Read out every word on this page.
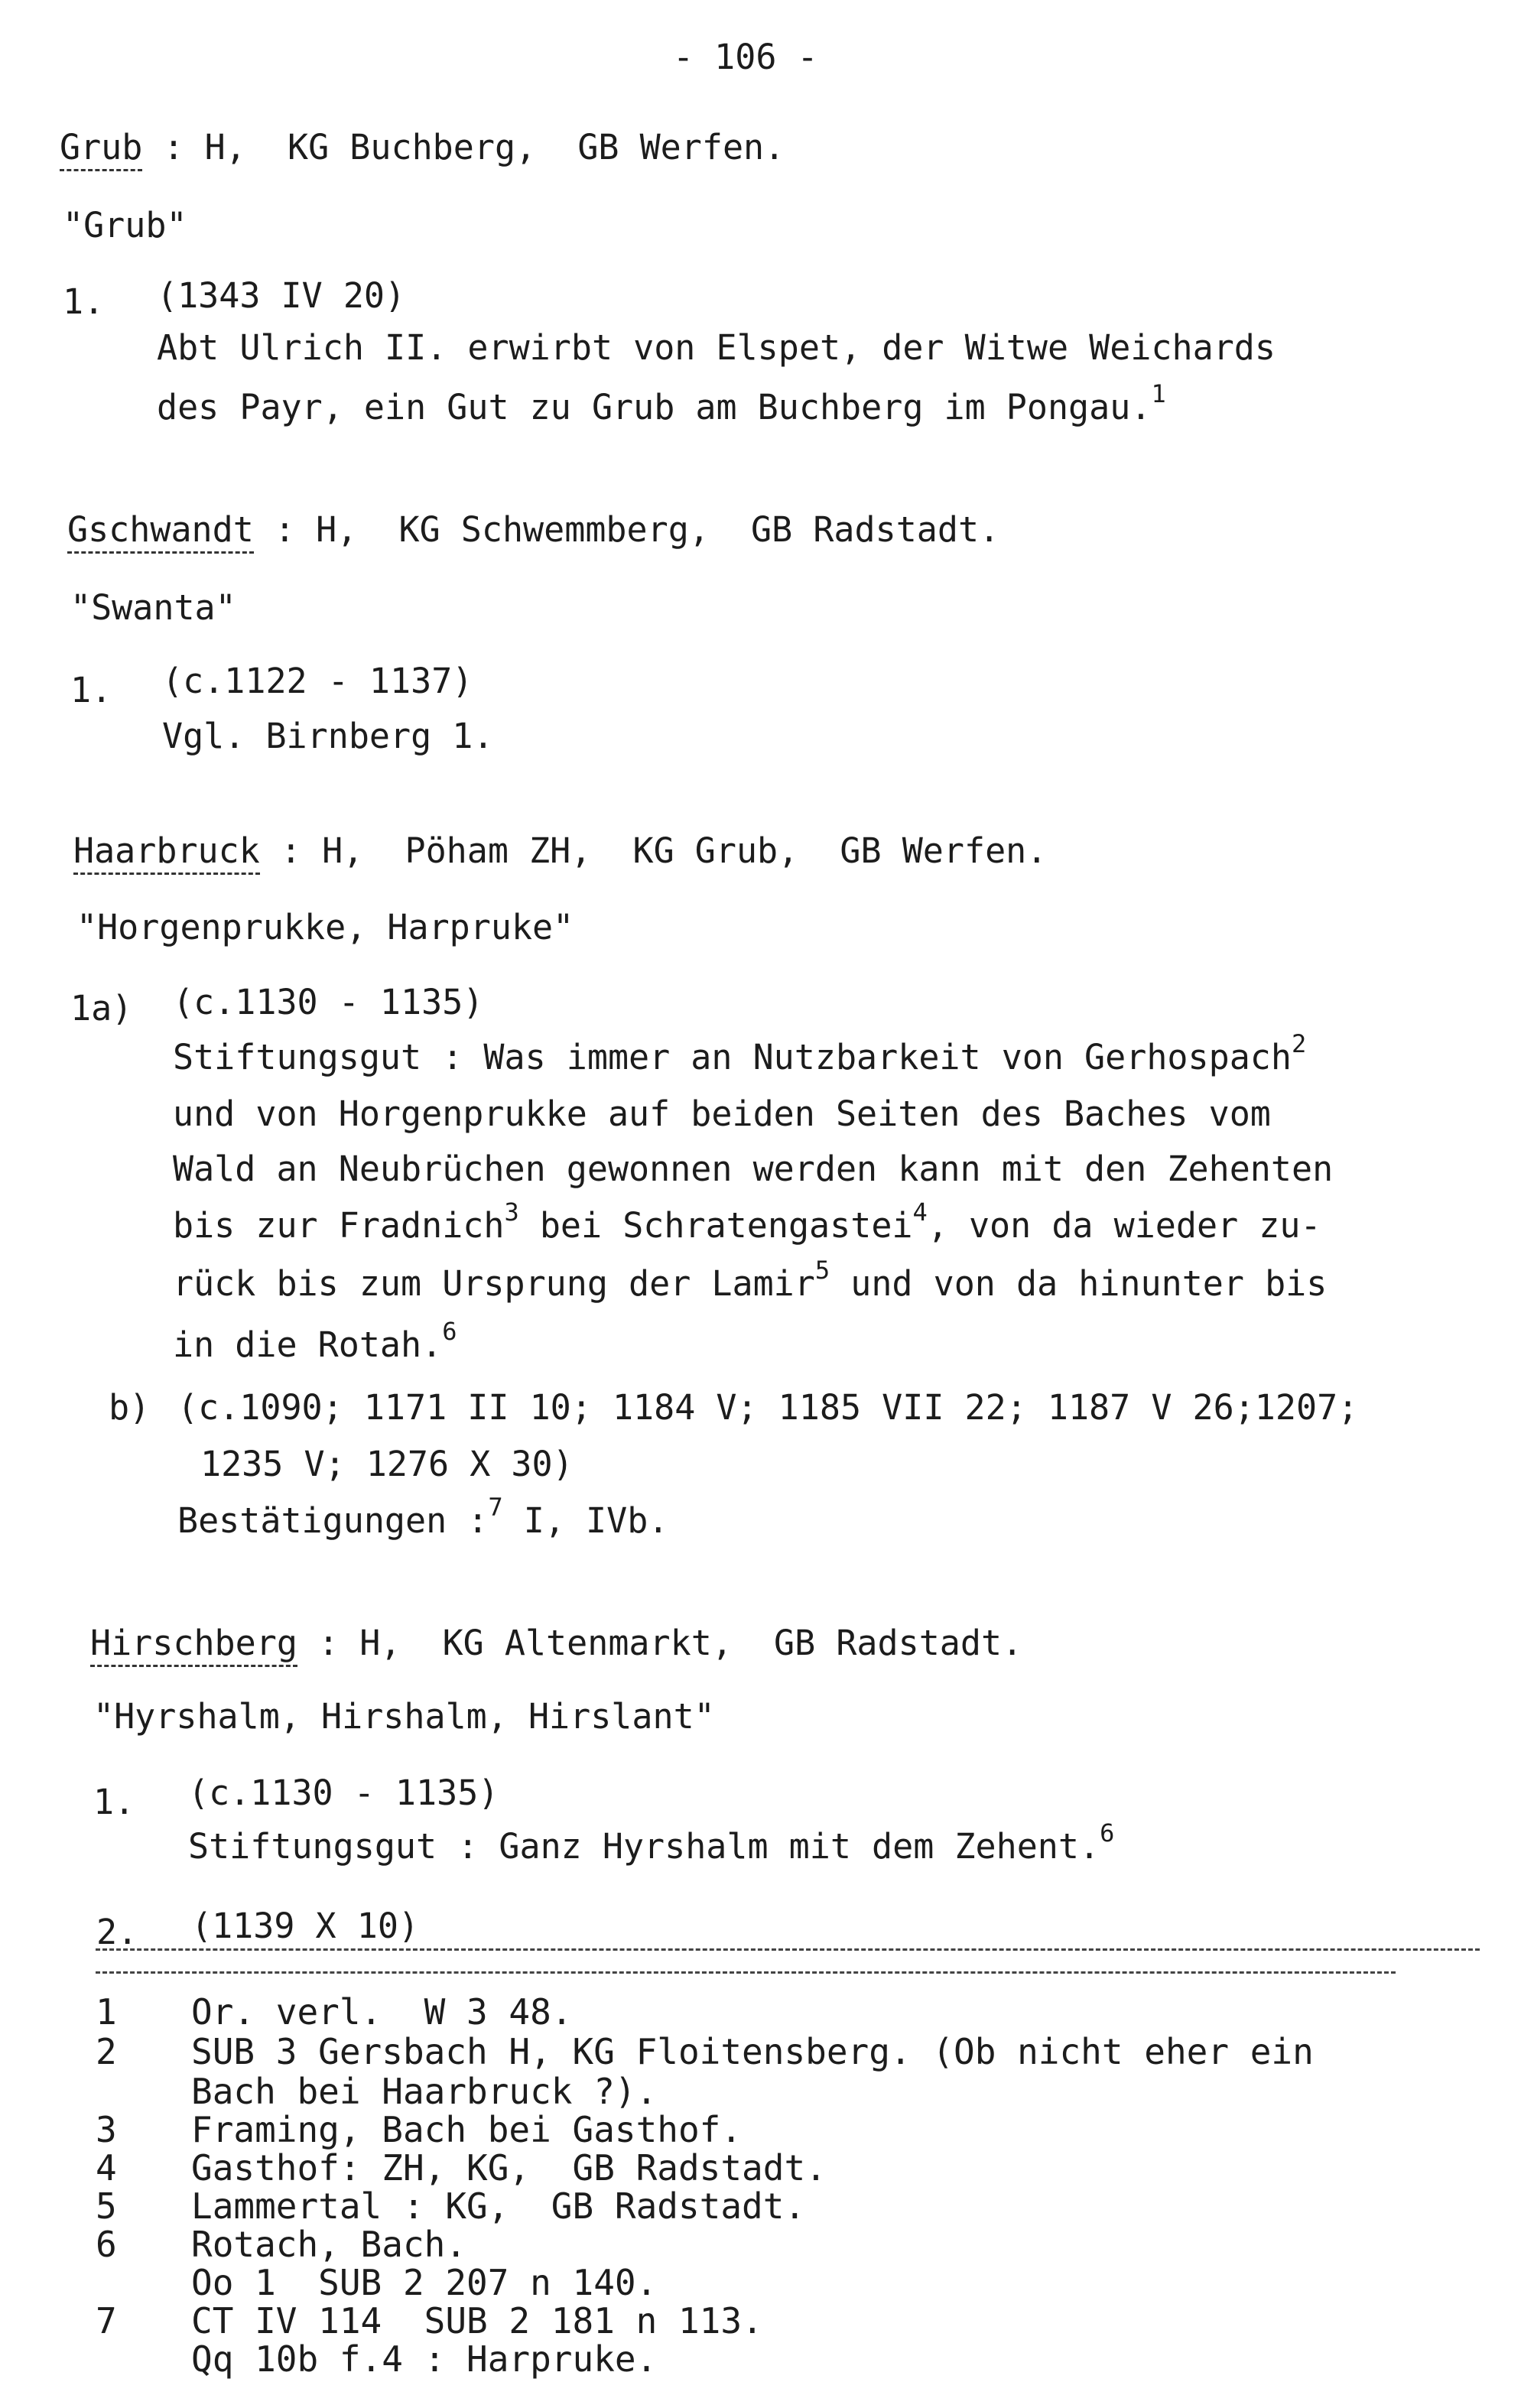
- 106 -
Grub : H,  KG Buchberg,  GB Werfen.
"Grub"
1. (1343 IV 20)
Abt Ulrich II. erwirbt von Elspet, der Witwe Weichards
des Payr, ein Gut zu Grub am Buchberg im Pongau.$^1$
Gschwandt : H,  KG Schwemmberg,  GB Radstadt.
"Swanta"
1. (c.1122 - 1137)
Vgl. Birnberg 1.
Haarbruck : H,  Pöham ZH,  KG Grub,  GB Werfen.
"Horgenprukke, Harpruke"
1a) (c.1130 - 1135)
Stiftungsgut : Was immer an Nutzbarkeit von Gerhospach$^2$
und von Horgenprukke auf beiden Seiten des Baches vom
Wald an Neubrüchen gewonnen werden kann mit den Zehenten
bis zur Fradnich$^3$ bei Schratengastei$^4$, von da wieder zu-
rück bis zum Ursprung der Lamir$^5$ und von da hinunter bis
in die Rotah.$^6$
b) (c.1090; 1171 II 10; 1184 V; 1185 VII 22; 1187 V 26;1207;
1235 V; 1276 X 30)
Bestätigungen :$^7$ I, IVb.
Hirschberg : H,  KG Altenmarkt,  GB Radstadt.
"Hyrshalm, Hirshalm, Hirslant"
1. (c.1130 - 1135)
Stiftungsgut : Ganz Hyrshalm mit dem Zehent.$^6$
2. (1139 X 10)
1 Or. verl.  W 3 48.
2 SUB 3 Gersbach H, KG Floitensberg. (Ob nicht eher ein
Bach bei Haarbruck ?).
3 Framing, Bach bei Gasthof.
4 Gasthof: ZH, KG,  GB Radstadt.
5 Lammertal : KG,  GB Radstadt.
6 Rotach, Bach.
Oo 1  SUB 2 207 n 140.
7 CT IV 114  SUB 2 181 n 113.
Qq 10b f.4 : Harpruke.
